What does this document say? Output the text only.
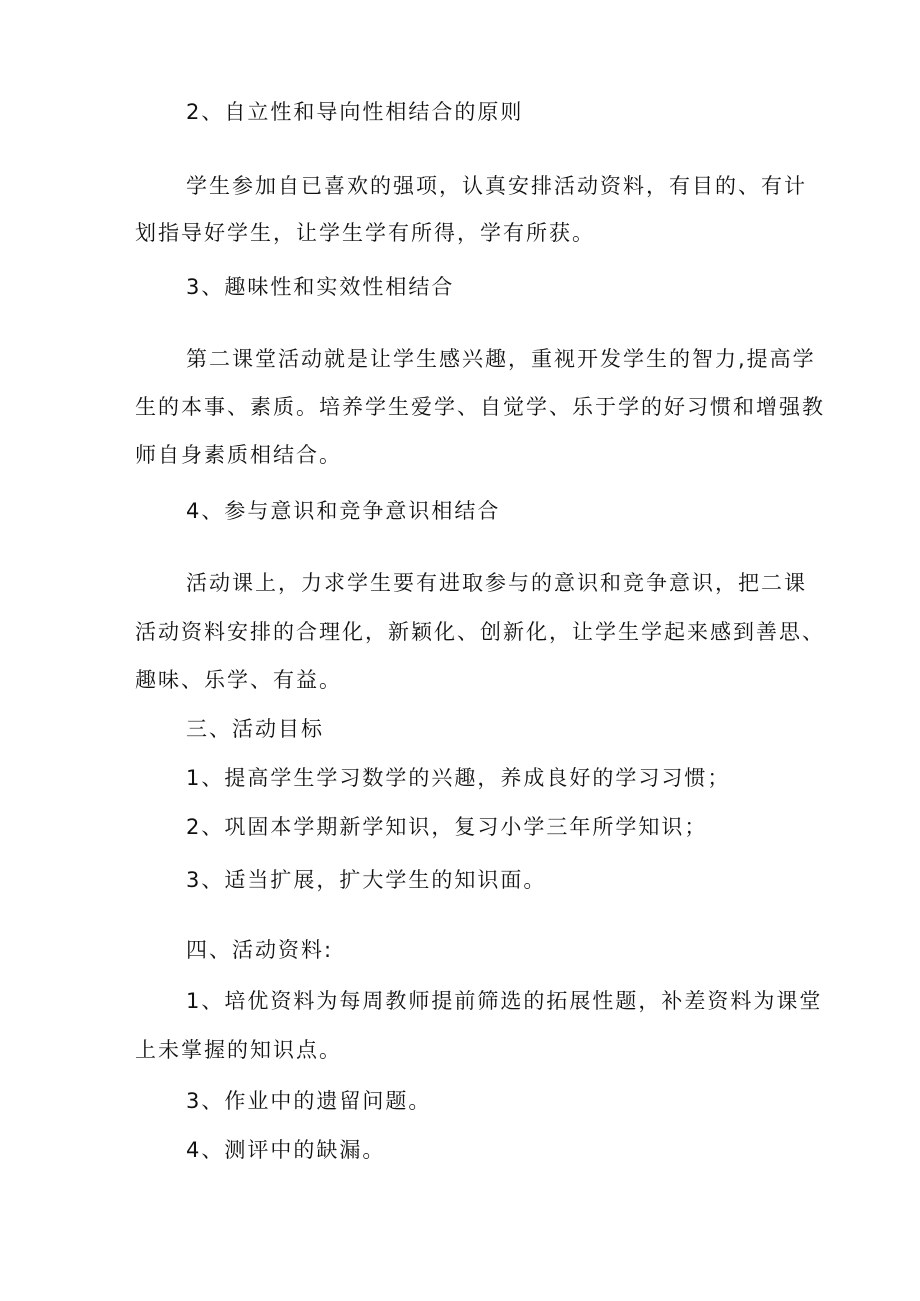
2、自立性和导向性相结合的原则
学生参加自已喜欢的强项，认真安排活动资料，有目的、有计
划指导好学生，让学生学有所得，学有所获。
3、趣味性和实效性相结合
第二课堂活动就是让学生感兴趣，重视开发学生的智力,提高学
生的本事、素质。培养学生爱学、自觉学、乐于学的好习惯和增强教
师自身素质相结合。
4、参与意识和竞争意识相结合
活动课上，力求学生要有进取参与的意识和竞争意识，把二课
活动资料安排的合理化，新颖化、创新化，让学生学起来感到善思、
趣味、乐学、有益。
三、活动目标
1、提高学生学习数学的兴趣，养成良好的学习习惯；
2、巩固本学期新学知识，复习小学三年所学知识；
3、适当扩展，扩大学生的知识面。
四、活动资料:
1、培优资料为每周教师提前筛选的拓展性题，补差资料为课堂
上未掌握的知识点。
3、作业中的遗留问题。
4、测评中的缺漏。
